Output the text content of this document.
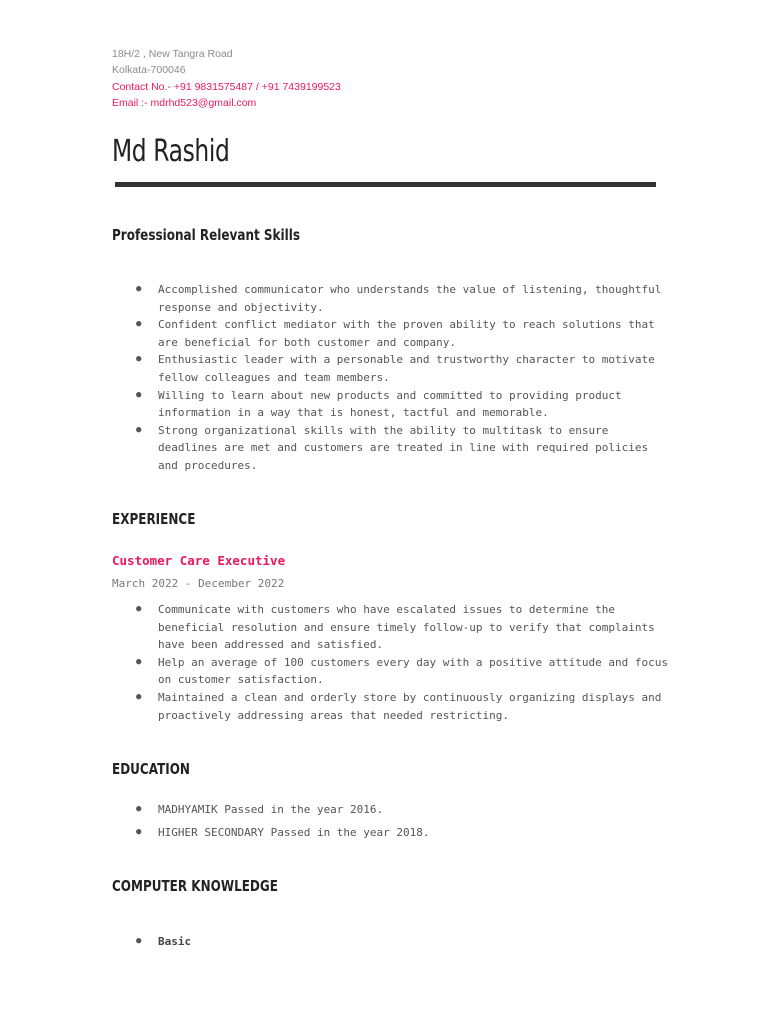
18H/2 , New Tangra Road
Kolkata-700046
Contact No.- +91 9831575487 / +91 7439199523
Email :- mdrhd523@gmail.com
Md Rashid
Professional Relevant Skills
● Accomplished communicator who understands the value of listening, thoughtful response and objectivity.
● Confident conflict mediator with the proven ability to reach solutions that are beneficial for both customer and company.
● Enthusiastic leader with a personable and trustworthy character to motivate fellow colleagues and team members.
● Willing to learn about new products and committed to providing product information in a way that is honest, tactful and memorable.
● Strong organizational skills with the ability to multitask to ensure deadlines are met and customers are treated in line with required policies and procedures.
EXPERIENCE
Customer Care Executive
March 2022 - December 2022
● Communicate with customers who have escalated issues to determine the beneficial resolution and ensure timely follow-up to verify that complaints have been addressed and satisfied.
● Help an average of 100 customers every day with a positive attitude and focus on customer satisfaction.
● Maintained a clean and orderly store by continuously organizing displays and proactively addressing areas that needed restricting.
EDUCATION
● MADHYAMIK Passed in the year 2016.
● HIGHER SECONDARY Passed in the year 2018.
COMPUTER KNOWLEDGE
● Basic
